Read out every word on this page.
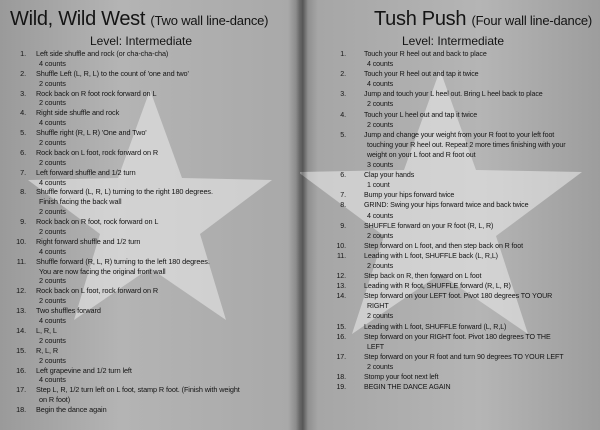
Wild, Wild West (Two wall line-dance)
Level: Intermediate
1. Left side shuffle and rock (or cha-cha-cha)
4 counts
2. Shuffle Left (L, R, L) to the count of 'one and two'
2 counts
3. Rock back on R foot rock forward on L
2 counts
4. Right side shuffle and rock
4 counts
5. Shuffle right (R, L R) 'One and Two'
2 counts
6. Rock back on L foot, rock forward on R
2 counts
7. Left forward shuffle and 1/2 turn
4 counts
8. Shuffle forward (L, R, L) turning to the right 180 degrees.
Finish facing the back wall
2 counts
9. Rock back on R foot, rock forward on L
2 counts
10. Right forward shuffle and 1/2 turn
4 counts
11. Shuffle forward (R, L, R) turning to the left 180 degrees.
You are now facing the original front wall
2 counts
12. Rock back on L foot, rock forward on R
2 counts
13. Two shuffles forward
4 counts
14. L, R, L
2 counts
15. R, L, R
2 counts
16. Left grapevine and 1/2 turn left
4 counts
17. Step L, R, 1/2 turn left on L foot, stamp R foot. (Finish with weight
on R foot)
18. Begin the dance again
Tush Push (Four wall line-dance)
Level: Intermediate
1.	Touch your R heel out and back to place
4 counts
2.	Touch your R heel out and tap it twice
4 counts
3.	Jump and touch your L heel out. Bring L heel back to place
2 counts
4.	Touch your L heel out and tap it twice
2 counts
5.	Jump and change your weight from your R foot to your left foot
touching your R heel out. Repeat 2 more times finishing with your
weight on your L foot and R foot out
3 counts
6.	Clap your hands
1 count
7.	Bump your hips forward twice
8.	GRIND: Swing your hips forward twice and back twice
4 counts
9.	SHUFFLE forward on your R foot (R, L, R)
2 counts
10.	Step forward on L foot, and then step back on R foot
11.	Leading with L foot, SHUFFLE back (L, R,L)
2 counts
12.	Step back on R, then forward on L foot
13.	Leading with R foot, SHUFFLE forward (R, L, R)
14.	Step forward on your LEFT foot. Pivot 180 degrees TO YOUR
RIGHT
2 counts
15.	Leading with L foot, SHUFFLE forward (L, R,L)
16.	Step forward on your RIGHT foot. Pivot 180 degrees TO THE
LEFT
17.	Step forward on your R foot and turn 90 degrees TO YOUR LEFT
2 counts
18.	Stomp your foot next left
19.	BEGIN THE DANCE AGAIN
